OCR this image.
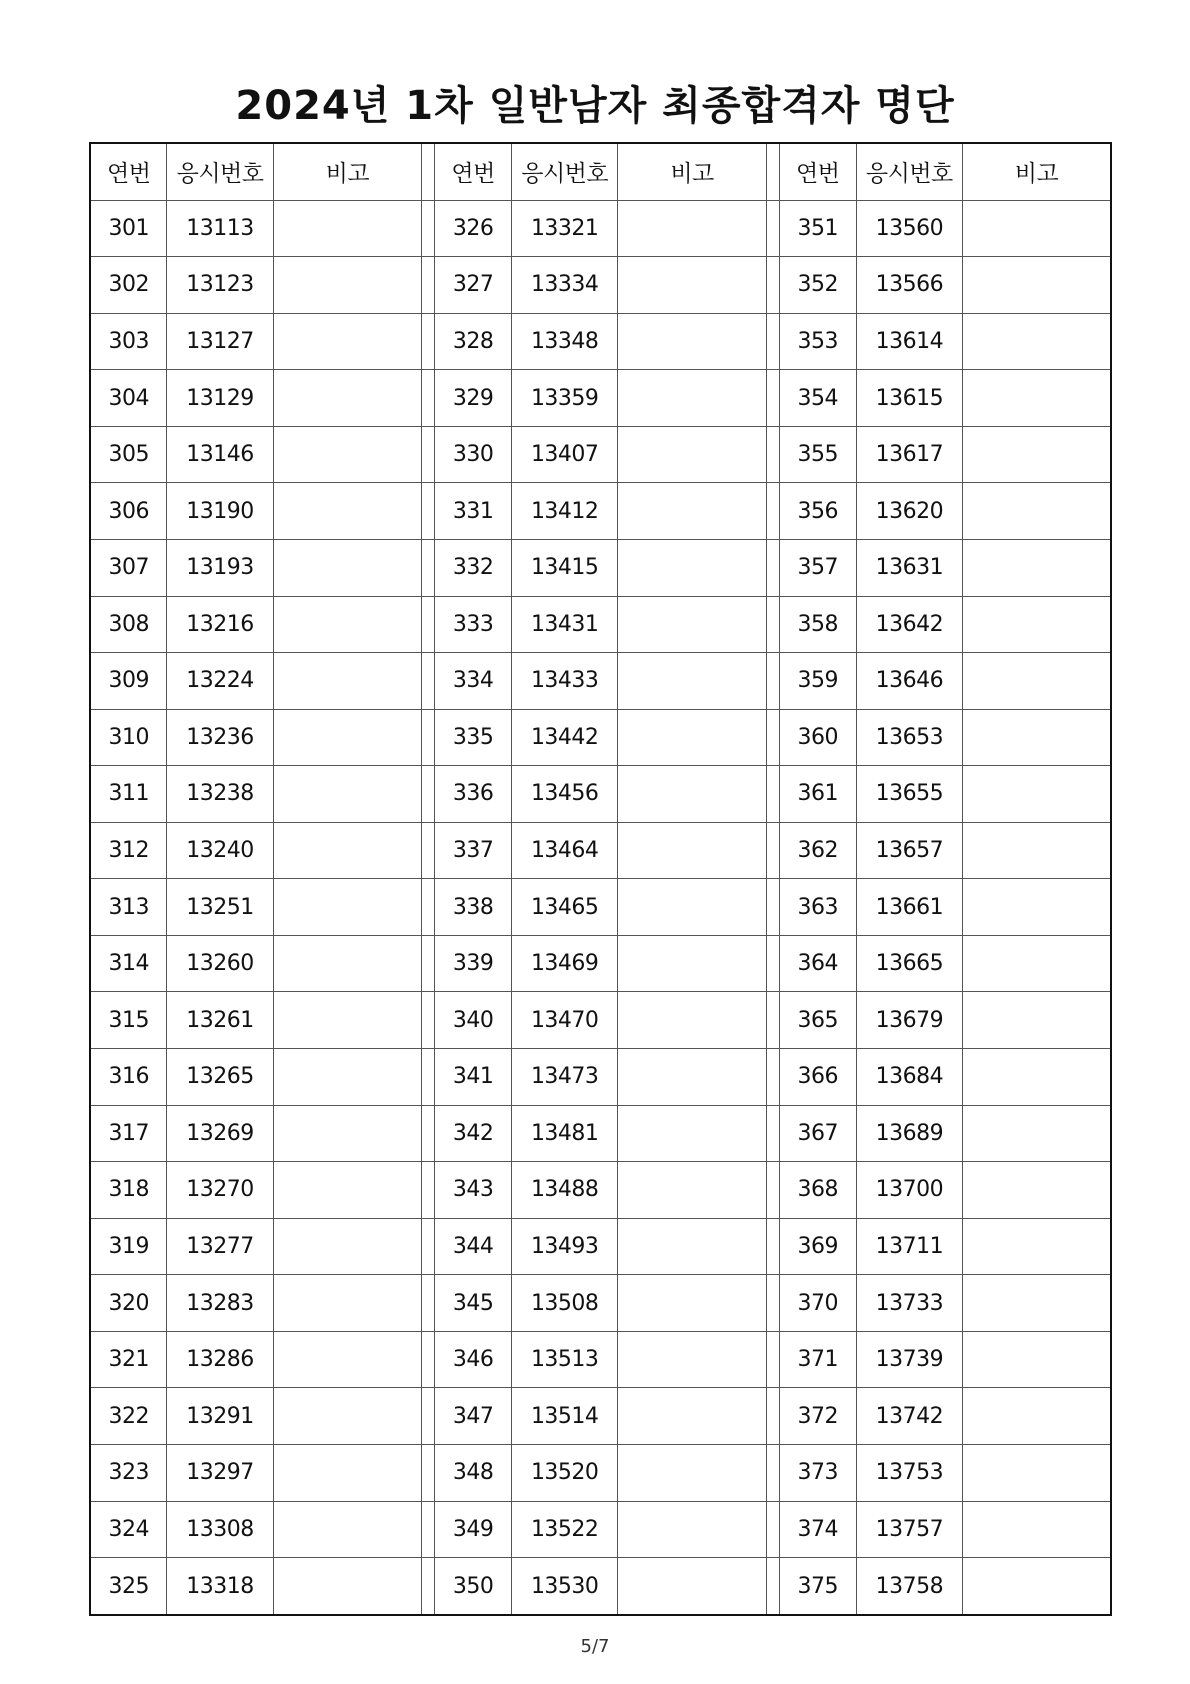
2024년 1차 일반남자 최종합격자 명단
연번	응시번호	비고		연번	응시번호	비고		연번	응시번호	비고
301	13113			326	13321			351	13560	
302	13123			327	13334			352	13566	
303	13127			328	13348			353	13614	
304	13129			329	13359			354	13615	
305	13146			330	13407			355	13617	
306	13190			331	13412			356	13620	
307	13193			332	13415			357	13631	
308	13216			333	13431			358	13642	
309	13224			334	13433			359	13646	
310	13236			335	13442			360	13653	
311	13238			336	13456			361	13655	
312	13240			337	13464			362	13657	
313	13251			338	13465			363	13661	
314	13260			339	13469			364	13665	
315	13261			340	13470			365	13679	
316	13265			341	13473			366	13684	
317	13269			342	13481			367	13689	
318	13270			343	13488			368	13700	
319	13277			344	13493			369	13711	
320	13283			345	13508			370	13733	
321	13286			346	13513			371	13739	
322	13291			347	13514			372	13742	
323	13297			348	13520			373	13753	
324	13308			349	13522			374	13757	
325	13318			350	13530			375	13758	
5/7
